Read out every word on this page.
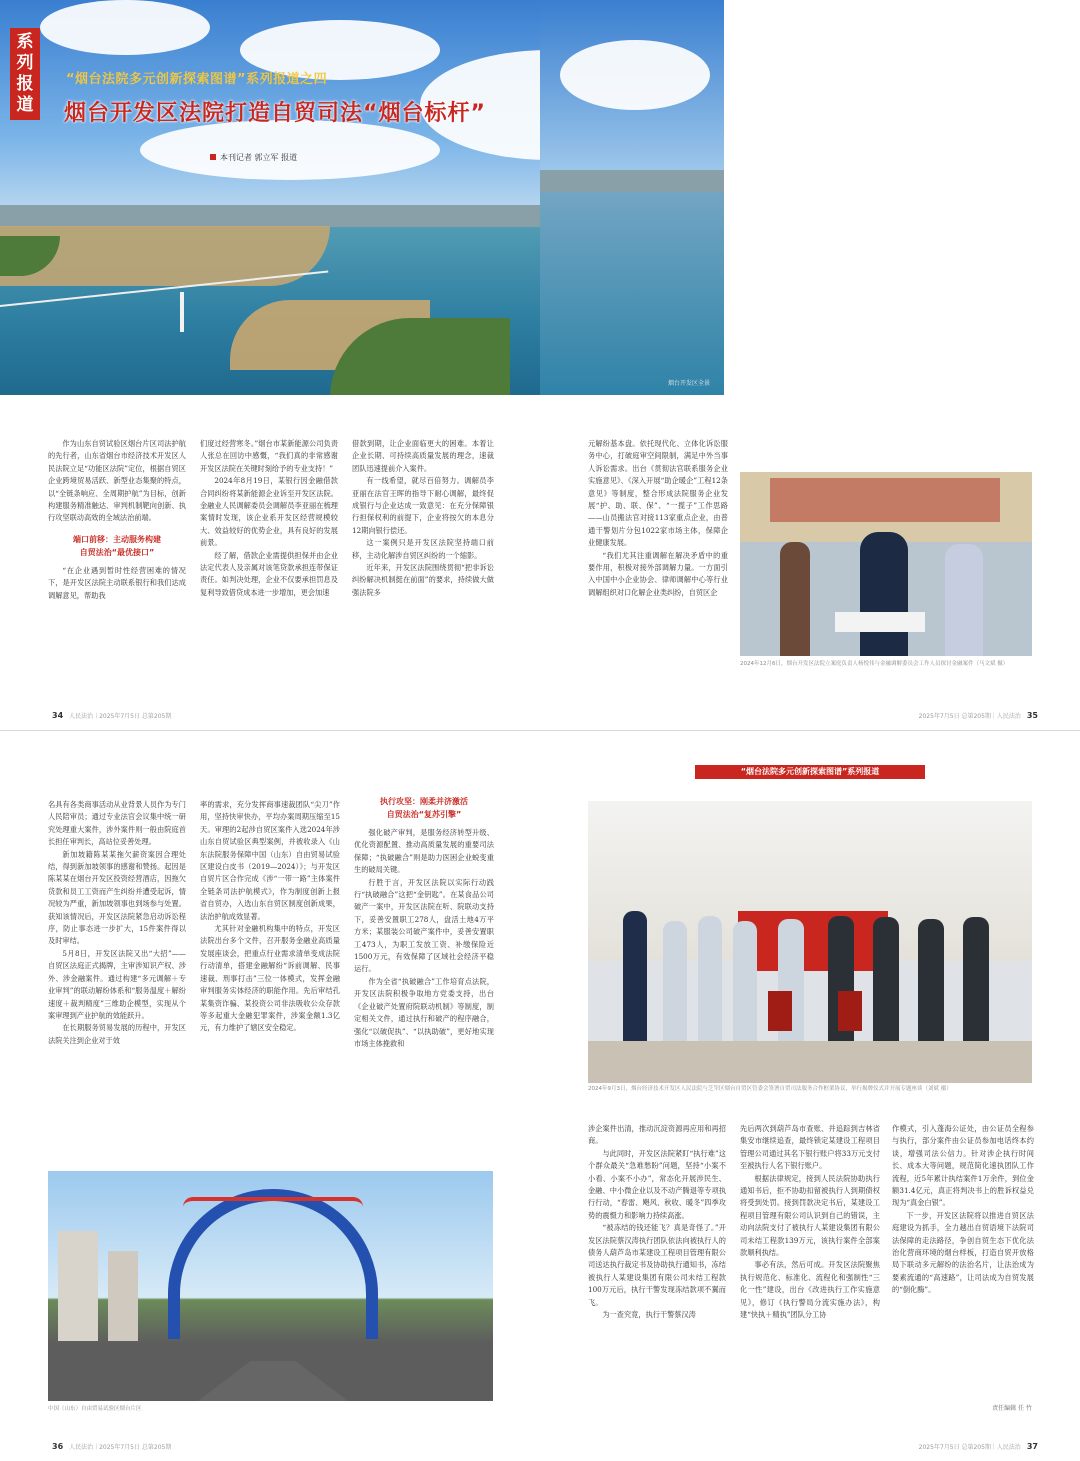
作为山东自贸试验区烟台片区司法护航的先行者，山东省烟台市经济技术开发区人民法院立足“功能区法院”定位，根据自贸区企业跨境贸易活跃、新型业态集聚的特点，以“全链条响应、全周期护航”为目标，创新构建服务精准触达、审判机制靶向创新、执行攻坚联动高效的全域法治前端。

端口前移：主动服务构建
自贸法治“最优接口”

“在企业遇到暂时性经营困难的情况下，是开发区法院主动联系银行和我们达成调解意见，帮助我

们度过经营寒冬。”烟台市某新能源公司负责人张总在回访中感慨，“我们真的非常感谢开发区法院在关键时刻给予的专业支持！”

2024年8月19日，某银行因金融借款合同纠纷将某新能源企业诉至开发区法院。金融业人民调解委员会调解员李亚丽在梳理案情时发现，该企业系开发区经营规模较大、效益较好的优势企业，具有良好的发展前景。

经了解，借款企业需提供担保并由企业法定代表人及亲属对该笔贷款承担连带保证责任。如判决处理，企业不仅要承担罚息及复利导致借贷成本进一步增加，更会加速

借款到期，让企业面临更大的困难。本着让企业长期、可持续高质量发展的理念，速裁团队迅速提前介入案件。

有一线希望，就尽百倍努力。调解员李亚丽在法官王晖的指导下耐心调解，最终促成银行与企业达成一致意见：在充分保障银行担保权利的前提下，企业将按欠的本息分12期向银行偿还。

这一案例只是开发区法院坚持端口前移，主动化解涉自贸区纠纷的一个缩影。

近年来，开发区法院围绕贯彻“把非诉讼纠纷解决机制挺在前面”的要求，持续做大做强法院多

34 人民法治｜2025年7月5日 总第205期

元解纷基本盘。依托现代化、立体化诉讼服务中心，打破庭审空间限制，满足中外当事人诉讼需求。出台《贯彻法官联系服务企业实施意见》、《深入开展“助企暖企”工程12条意见》等制度，整合形成法院服务企业发展“护、助、联、保”、“一揽子”工作思路——山员搬法官对接113家重点企业，由普通干警划片分包1022家市场主体，保障企业健康发展。

“我们尤其注重调解在解决矛盾中的重要作用，积极对接外部调解力量。一方面引入中国中小企业协会、律师调解中心等行业调解组织对口化解企业类纠纷，自贸区企

2024年12月6日，烟台开发区法院立案庭负责人杨悦伟与金融调解委员会工作人员探讨金融案件（马文斌 摄）
2025年7月5日 总第205期｜人民法治 35
系列报道
“烟台法院多元创新探索图谱”系列报道之四
烟台开发区法院打造自贸司法“烟台标杆”
本刊记者 郭立军 报道
烟台开发区全景

名具有各类商事活动从业背景人员作为专门人民陪审员；通过专业法官会议集中统一研究处理重大案件，涉外案件则一般由院庭首长担任审判长，高站位妥善处理。

新加坡籍陈某某拖欠薪资案因合理处结，得到新加坡领事的感谢和赞扬。起因是陈某某在烟台开发区投资经营酒店，因拖欠货款和员工工资而产生纠纷并遭受起诉，情况较为严重，新加坡领事也到场参与处置。获知该情况后，开发区法院紧急启动诉讼程序，防止事态进一步扩大，15件案件得以及时审结。

5月8日，开发区法院又出“大招”——自贸区法庭正式揭牌，主审涉知识产权、涉外、涉金融案件。通过构建“多元调解＋专业审判”的联动解纷体系和“服务温度＋解纷速度＋裁判精度”三维助企模型，实现从个案审理到产业护航的效能跃升。

在长期服务贸易发展的历程中，开发区法院关注到企业对于效

率的需求，充分发挥商事速裁团队“尖刀”作用，坚持快审快办，平均办案周期压缩至15天。审理的2起涉自贸区案件入选2024年涉山东自贸试验区典型案例，并被收录入《山东法院服务保障中国（山东）自由贸易试验区建设白皮书（2019—2024）》；与开发区自贸片区合作完成《涉“一带一路”主体案件全链条司法护航模式》，作为制度创新上报省自贸办，入选山东自贸区制度创新成果，法治护航成效显著。

尤其针对金融机构集中的特点，开发区法院出台多个文件，召开服务金融业高质量发展座谈会，把重点行业需求清单变成法院行动清单，搭建金融解纷“诉前调解、民事速裁、刑事打击”三位一体模式，发挥金融审判服务实体经济的职能作用。先后审结孔某集资诈骗、某投资公司非法吸收公众存款等多起重大金融犯罪案件，涉案金额1.3亿元，有力维护了辖区安全稳定。

执行攻坚：刚柔并济激活
自贸法治“复苏引擎”

强化破产审判，是服务经济转型升级、优化资源配置、推动高质量发展的重要司法保障；“执破融合”则是助力医困企业蜕变重生的破局关键。

行胜于言，开发区法院以实际行动践行“执破融合”这把“金钥匙”。在某食品公司破产一案中，开发区法院在听、院联动支持下，妥善安置职工278人，盘活土地4万平方米；某服装公司破产案件中，妥善安置职工473人，为职工发放工资、补缴保险近1500万元，有效保障了区域社会经济平稳运行。

作为全省“执破融合”工作培育点法院，开发区法院积极争取地方党委支持，出台《企业破产处置府院联动机制》等制度，制定相关文件，通过执行和破产的程序融合，强化“以破促执”、“以执助破”，更好地实现市场主体挽救和

中国（山东）自由贸易试验区烟台片区
36 人民法治｜2025年7月5日 总第205期
“烟台法院多元创新探索图谱”系列报道
2024年9月3日，烟台经济技术开发区人民法院与芝罘区烟台自贸区管委会签署自贸司法服务合作框架协议，举行揭牌仪式并开展专题座谈（刘斌 摄）

涉企案件出清，推动沉淀资源再应用和再招商。

与此同时，开发区法院紧盯“执行难”这个群众最关“急难愁盼”问题，坚持“小案不小看、小案不小办”，常态化开展涉民生、金融、中小微企业以及不动产腾退等专项执行行动，“春雷、飓风、秋收、暖冬”四季攻势的震慑力和影响力持续高涨。

“被冻结的钱还能飞？真是奇怪了。”开发区法院蔡汉涛执行团队依法向被执行人的债务人葫芦岛市某建设工程项目管理有限公司送达执行裁定书及协助执行通知书，冻结被执行人某建设集团有限公司未结工程款100万元后，执行干警发现冻结款项不翼而飞。

为一查究竟，执行干警蔡汉涛

先后两次到葫芦岛市查账、并追踪到吉林省集安市继续追查，最终锁定某建设工程项目管理公司通过其名下银行账户将33万元支付至被执行人名下银行账户。

根据法律规定，接到人民法院协助执行通知书后，拒不协助扣留被执行人到期债权将受到处罚。接到罚款决定书后，某建设工程项目管理有限公司认识到自己的错误，主动向法院支付了被执行人某建设集团有限公司未结工程款139万元，该执行案件全部案款顺利执结。

事必有法，然后可成。开发区法院聚焦执行规范化、标准化、流程化和强制性“三化一性”建设，出台《改进执行工作实施意见》，修订《执行警局分流实施办法》，构建“快执＋精执”团队分工协

作模式，引入蓬海公证处，由公证员全程参与执行，部分案件由公证员参加电话终本约谈，增强司法公信力。针对涉企执行时间长、成本大等问题，规范简化速执团队工作流程，近5年累计执结案件1万余件，到位金额31.4亿元，真正将判决书上的胜诉权益兑现为“真金白银”。

下一步，开发区法院将以推进自贸区法庭建设为抓手，全力越出自贸语境下法院司法保障的走法路径，争创自贸生态下优化法治化营商环境的烟台样板，打造自贸开放格局下联动多元解纷的法治名片，让法治成为要素流通的“高速路”，让司法成为自贸发展的“倒化酶”。

责任编辑 任 竹
2025年7月5日 总第205期｜人民法治 37
